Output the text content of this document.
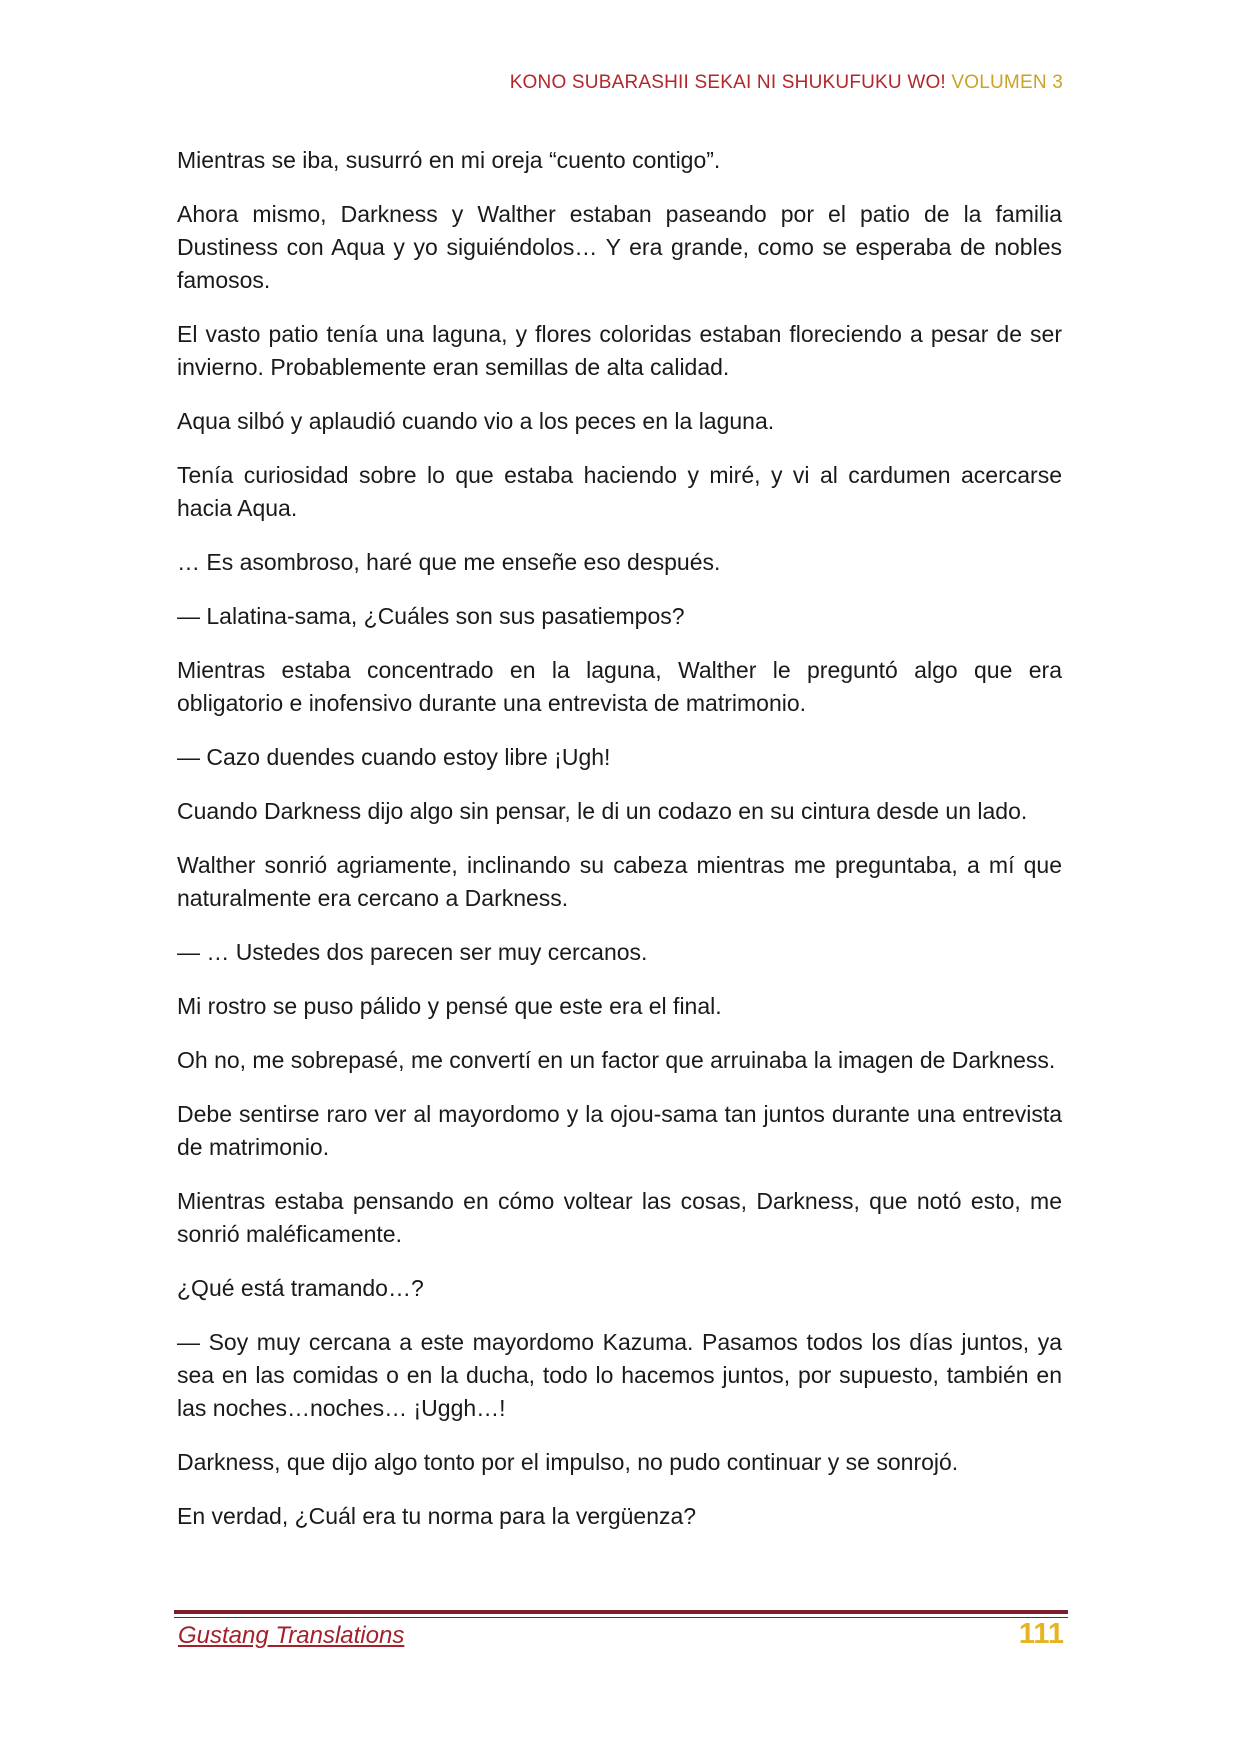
KONO SUBARASHII SEKAI NI SHUKUFUKU WO! VOLUMEN 3

Mientras se iba, susurró en mi oreja “cuento contigo”.

Ahora mismo, Darkness y Walther estaban paseando por el patio de la familia Dustiness con Aqua y yo siguiéndolos… Y era grande, como se esperaba de nobles famosos.

El vasto patio tenía una laguna, y flores coloridas estaban floreciendo a pesar de ser invierno. Probablemente eran semillas de alta calidad.

Aqua silbó y aplaudió cuando vio a los peces en la laguna.

Tenía curiosidad sobre lo que estaba haciendo y miré, y vi al cardumen acercarse hacia Aqua.

… Es asombroso, haré que me enseñe eso después.

— Lalatina-sama, ¿Cuáles son sus pasatiempos?

Mientras estaba concentrado en la laguna, Walther le preguntó algo que era obligatorio e inofensivo durante una entrevista de matrimonio.

— Cazo duendes cuando estoy libre ¡Ugh!

Cuando Darkness dijo algo sin pensar, le di un codazo en su cintura desde un lado.

Walther sonrió agriamente, inclinando su cabeza mientras me preguntaba, a mí que naturalmente era cercano a Darkness.

— … Ustedes dos parecen ser muy cercanos.

Mi rostro se puso pálido y pensé que este era el final.

Oh no, me sobrepasé, me convertí en un factor que arruinaba la imagen de Darkness.

Debe sentirse raro ver al mayordomo y la ojou-sama tan juntos durante una entrevista de matrimonio.

Mientras estaba pensando en cómo voltear las cosas, Darkness, que notó esto, me sonrió maléficamente.

¿Qué está tramando…?

— Soy muy cercana a este mayordomo Kazuma. Pasamos todos los días juntos, ya sea en las comidas o en la ducha, todo lo hacemos juntos, por supuesto, también en las noches…noches… ¡Uggh…!

Darkness, que dijo algo tonto por el impulso, no pudo continuar y se sonrojó.

En verdad, ¿Cuál era tu norma para la vergüenza?

Gustang Translations	111
